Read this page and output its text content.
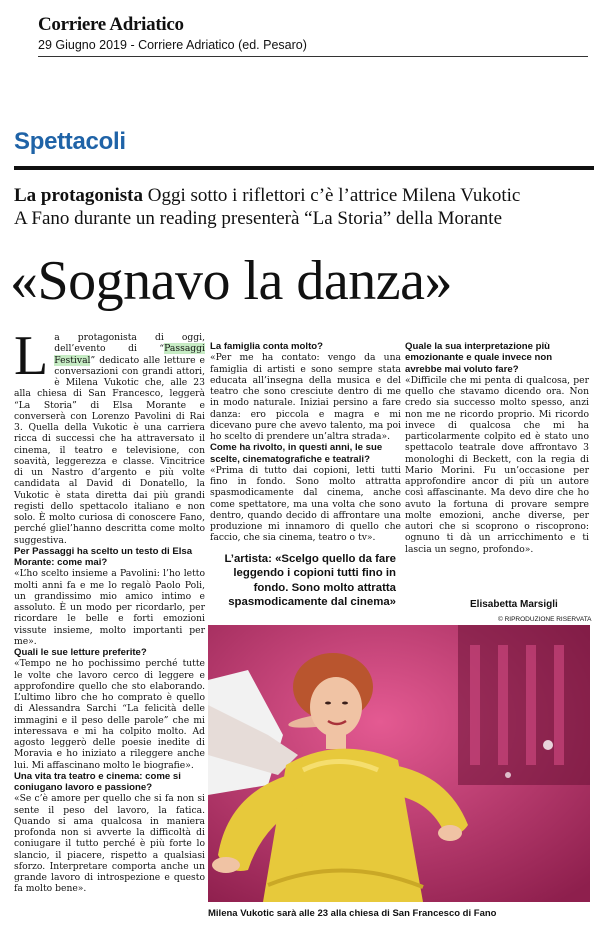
Corriere Adriatico
29 Giugno 2019 - Corriere Adriatico (ed. Pesaro)
Spettacoli
La protagonista Oggi sotto i riflettori c’è l’attrice Milena Vukotic
A Fano durante un reading presenterà “La Storia” della Morante
«Sognavo la danza»

La protagonista di oggi, dell’evento di “Passaggi Festival” dedicato alle letture e conversazioni con grandi attori, è Milena Vukotic che, alle 23 alla chiesa di San Francesco, leggerà “La Storia” di Elsa Morante e converserà con Lorenzo Pavolini di Rai 3. Quella della Vukotic è una carriera ricca di successi che ha attraversato il cinema, il teatro e televisione, con soavità, leggerezza e classe. Vincitrice di un Nastro d’argento e più volte candidata al David di Donatello, la Vukotic è stata diretta dai più grandi registi dello spettacolo italiano e non solo. È molto curiosa di conoscere Fano, perché gliel’hanno descritta come molto suggestiva.

Per Passaggi ha scelto un testo di Elsa Morante: come mai?

«L’ho scelto insieme a Pavolini: l’ho letto molti anni fa e me lo regalò Paolo Poli, un grandissimo mio amico intimo e assoluto. È un modo per ricordarlo, per ricordare le belle e forti emozioni vissute insieme, molto importanti per me».

Quali le sue letture preferite?

«Tempo ne ho pochissimo perché tutte le volte che lavoro cerco di leggere e approfondire quello che sto elaborando. L’ultimo libro che ho comprato è quello di Alessandra Sarchi “La felicità delle immagini e il peso delle parole” che mi interessava e mi ha colpito molto. Ad agosto leggerò delle poesie inedite di Moravia e ho iniziato a rileggere anche lui. Mi affascinano molto le biografie».

Una vita tra teatro e cinema: come si coniugano lavoro e passione?

«Se c’è amore per quello che si fa non si sente il peso del lavoro, la fatica. Quando si ama qualcosa in maniera profonda non si avverte la difficoltà di coniugare il tutto perché è più forte lo slancio, il piacere, rispetto a qualsiasi sforzo. Interpretare comporta anche un grande lavoro di introspezione e questo fa molto bene».

La famiglia conta molto?

«Per me ha contato: vengo da una famiglia di artisti e sono sempre stata educata all’insegna della musica e del teatro che sono cresciute dentro di me in modo naturale. Iniziai persino a fare danza: ero piccola e magra e mi dicevano pure che avevo talento, ma poi ho scelto di prendere un’altra strada».

Come ha rivolto, in questi anni, le sue scelte, cinematografiche e teatrali?

«Prima di tutto dai copioni, letti tutti fino in fondo. Sono molto attratta spasmodicamente dal cinema, anche come spettatore, ma una volta che sono dentro, quando decido di affrontare una produzione mi innamoro di quello che faccio, che sia cinema, teatro o tv».

L’artista: «Scelgo quello da fare leggendo i copioni tutti fino in fondo. Sono molto attratta spasmodicamente dal cinema»

Quale la sua interpretazione più emozionante e quale invece non avrebbe mai voluto fare?

«Difficile che mi penta di qualcosa, per quello che stavamo dicendo ora. Non credo sia successo molto spesso, anzi non me ne ricordo proprio. Mi ricordo invece di qualcosa che mi ha particolarmente colpito ed è stato uno spettacolo teatrale dove affrontavo 3 monologhi di Beckett, con la regia di Mario Morini. Fu un’occasione per approfondire ancor di più un autore così affascinante. Ma devo dire che ho avuto la fortuna di provare sempre molte emozioni, anche diverse, per autori che si scoprono o riscoprono: ognuno ti dà un arricchimento e ti lascia un segno, profondo».

Elisabetta Marsigli
© RIPRODUZIONE RISERVATA
Milena Vukotic sarà alle 23 alla chiesa di San Francesco di Fano
